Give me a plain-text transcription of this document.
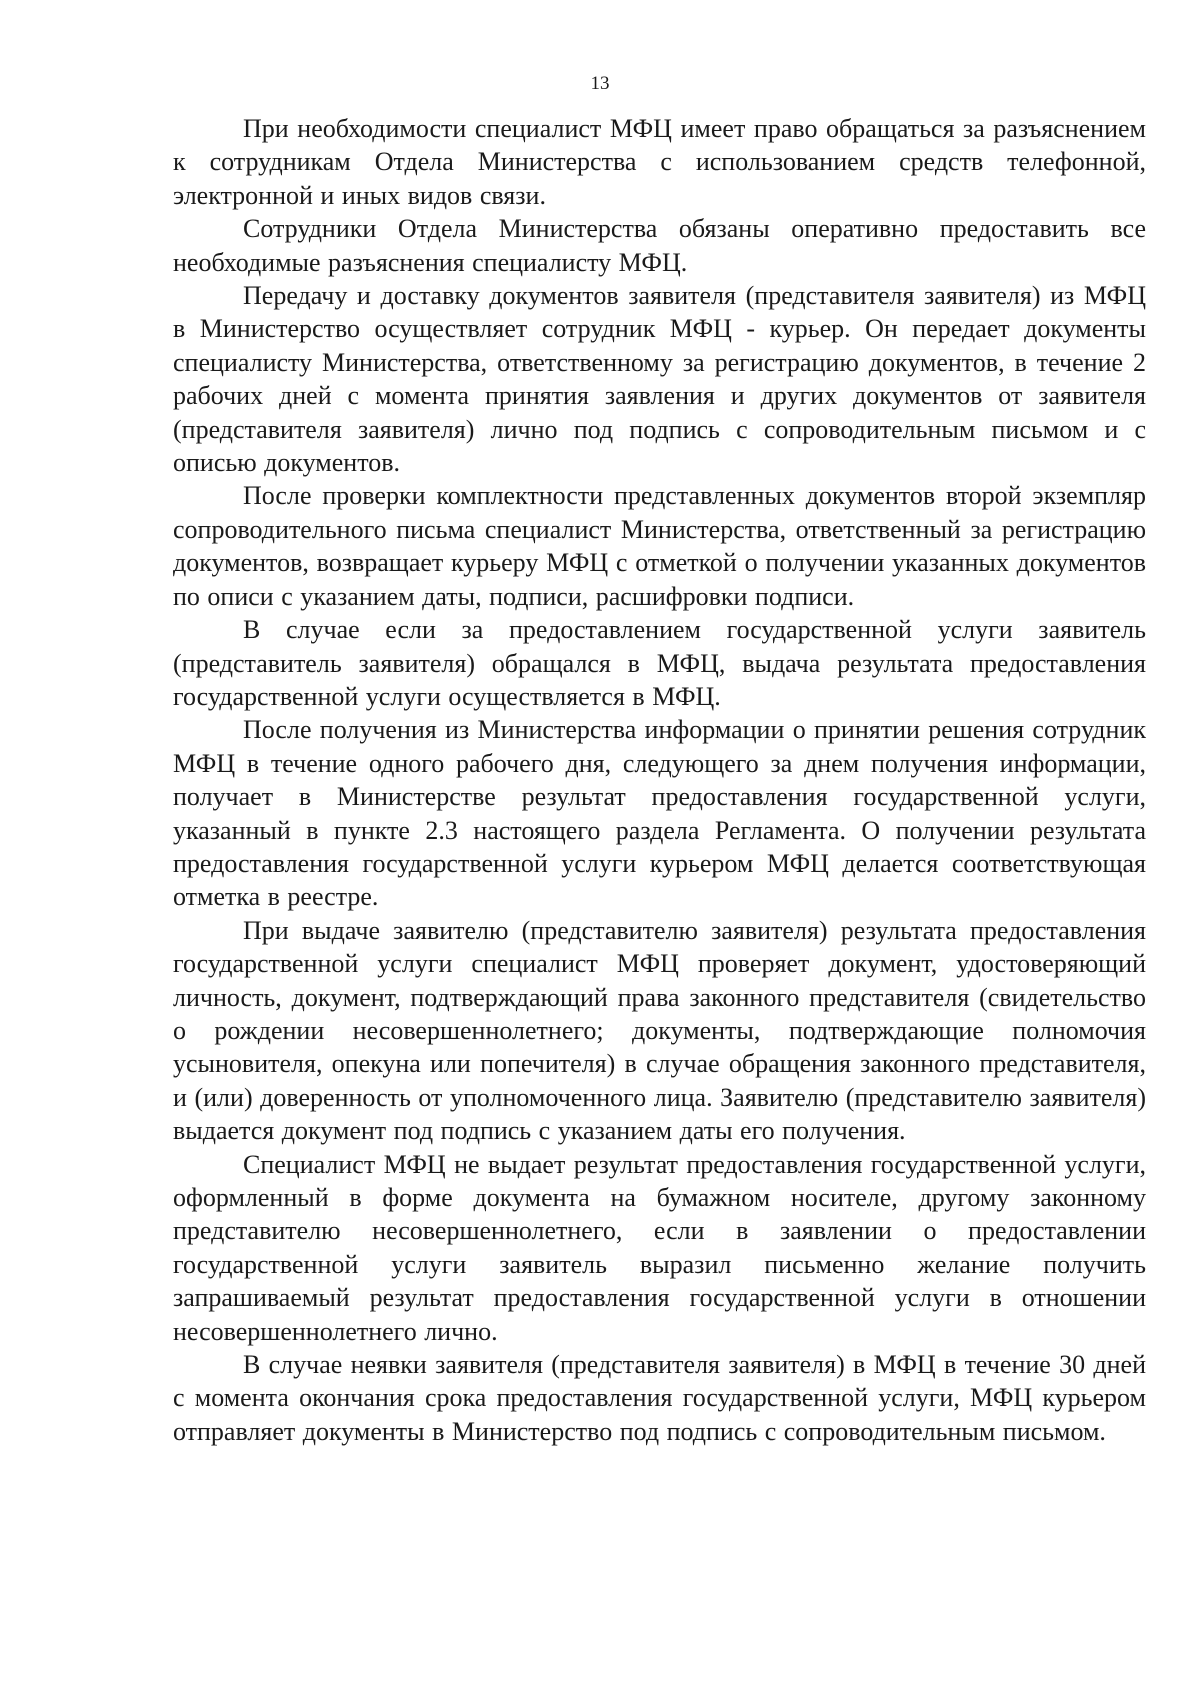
13

При необходимости специалист МФЦ имеет право обращаться за разъяснением к сотрудникам Отдела Министерства с использованием средств телефонной, электронной и иных видов связи.

Сотрудники Отдела Министерства обязаны оперативно предоставить все необходимые разъяснения специалисту МФЦ.

Передачу и доставку документов заявителя (представителя заявителя) из МФЦ в Министерство осуществляет сотрудник МФЦ - курьер. Он передает документы специалисту Министерства, ответственному за регистрацию документов, в течение 2 рабочих дней с момента принятия заявления и других документов от заявителя (представителя заявителя) лично под подпись с сопроводительным письмом и с описью документов.

После проверки комплектности представленных документов второй экземпляр сопроводительного письма специалист Министерства, ответственный за регистрацию документов, возвращает курьеру МФЦ с отметкой о получении указанных документов по описи с указанием даты, подписи, расшифровки подписи.

В случае если за предоставлением государственной услуги заявитель (представитель заявителя) обращался в МФЦ, выдача результата предоставления государственной услуги осуществляется в МФЦ.

После получения из Министерства информации о принятии решения сотрудник МФЦ в течение одного рабочего дня, следующего за днем получения информации, получает в Министерстве результат предоставления государственной услуги, указанный в пункте 2.3 настоящего раздела Регламента. О получении результата предоставления государственной услуги курьером МФЦ делается соответствующая отметка в реестре.

При выдаче заявителю (представителю заявителя) результата предоставления государственной услуги специалист МФЦ проверяет документ, удостоверяющий личность, документ, подтверждающий права законного представителя (свидетельство о рождении несовершеннолетнего; документы, подтверждающие полномочия усыновителя, опекуна или попечителя) в случае обращения законного представителя, и (или) доверенность от уполномоченного лица. Заявителю (представителю заявителя) выдается документ под подпись с указанием даты его получения.

Специалист МФЦ не выдает результат предоставления государственной услуги, оформленный в форме документа на бумажном носителе, другому законному представителю несовершеннолетнего, если в заявлении о предоставлении государственной услуги заявитель выразил письменно желание получить запрашиваемый результат предоставления государственной услуги в отношении несовершеннолетнего лично.

В случае неявки заявителя (представителя заявителя) в МФЦ в течение 30 дней с момента окончания срока предоставления государственной услуги, МФЦ курьером отправляет документы в Министерство под подпись с сопроводительным письмом.
